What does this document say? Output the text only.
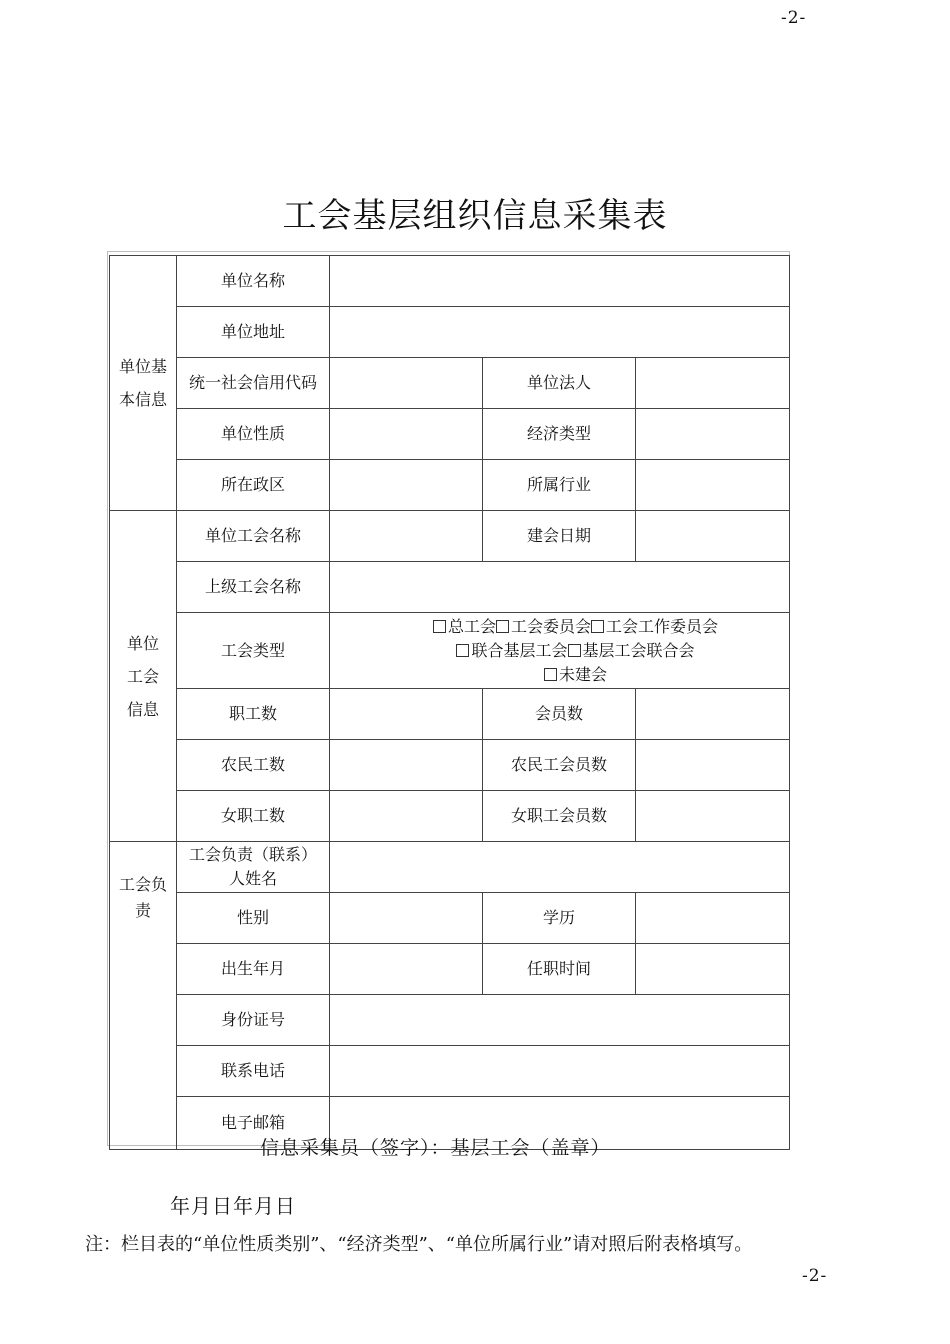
-2-
工会基层组织信息采集表
单位基本信息	单位名称			
	单位地址			
	统一社会信用代码		单位法人	
	单位性质		经济类型	
	所在政区		所属行业	

单位
工会
信息	单位工会名称		建会日期	
	上级工会名称			
	工会类型	总工会 工会委员会 工会工作委员会
联合基层工会 基层工会联合会
未建会		

	职工数		会员数	
	农民工数		农民工会员数	
	女职工数		女职工会员数	
工会负责	工会负责（联系）人姓名			
	性别		学历	
	出生年月		任职时间	
	身份证号			
	联系电话			
	电子邮箱			
信息采集员（签字）：基层工会（盖章）
年月日年月日
注：栏目表的“单位性质类别”、“经济类型”、“单位所属行业”请对照后附表格填写。
-2-
